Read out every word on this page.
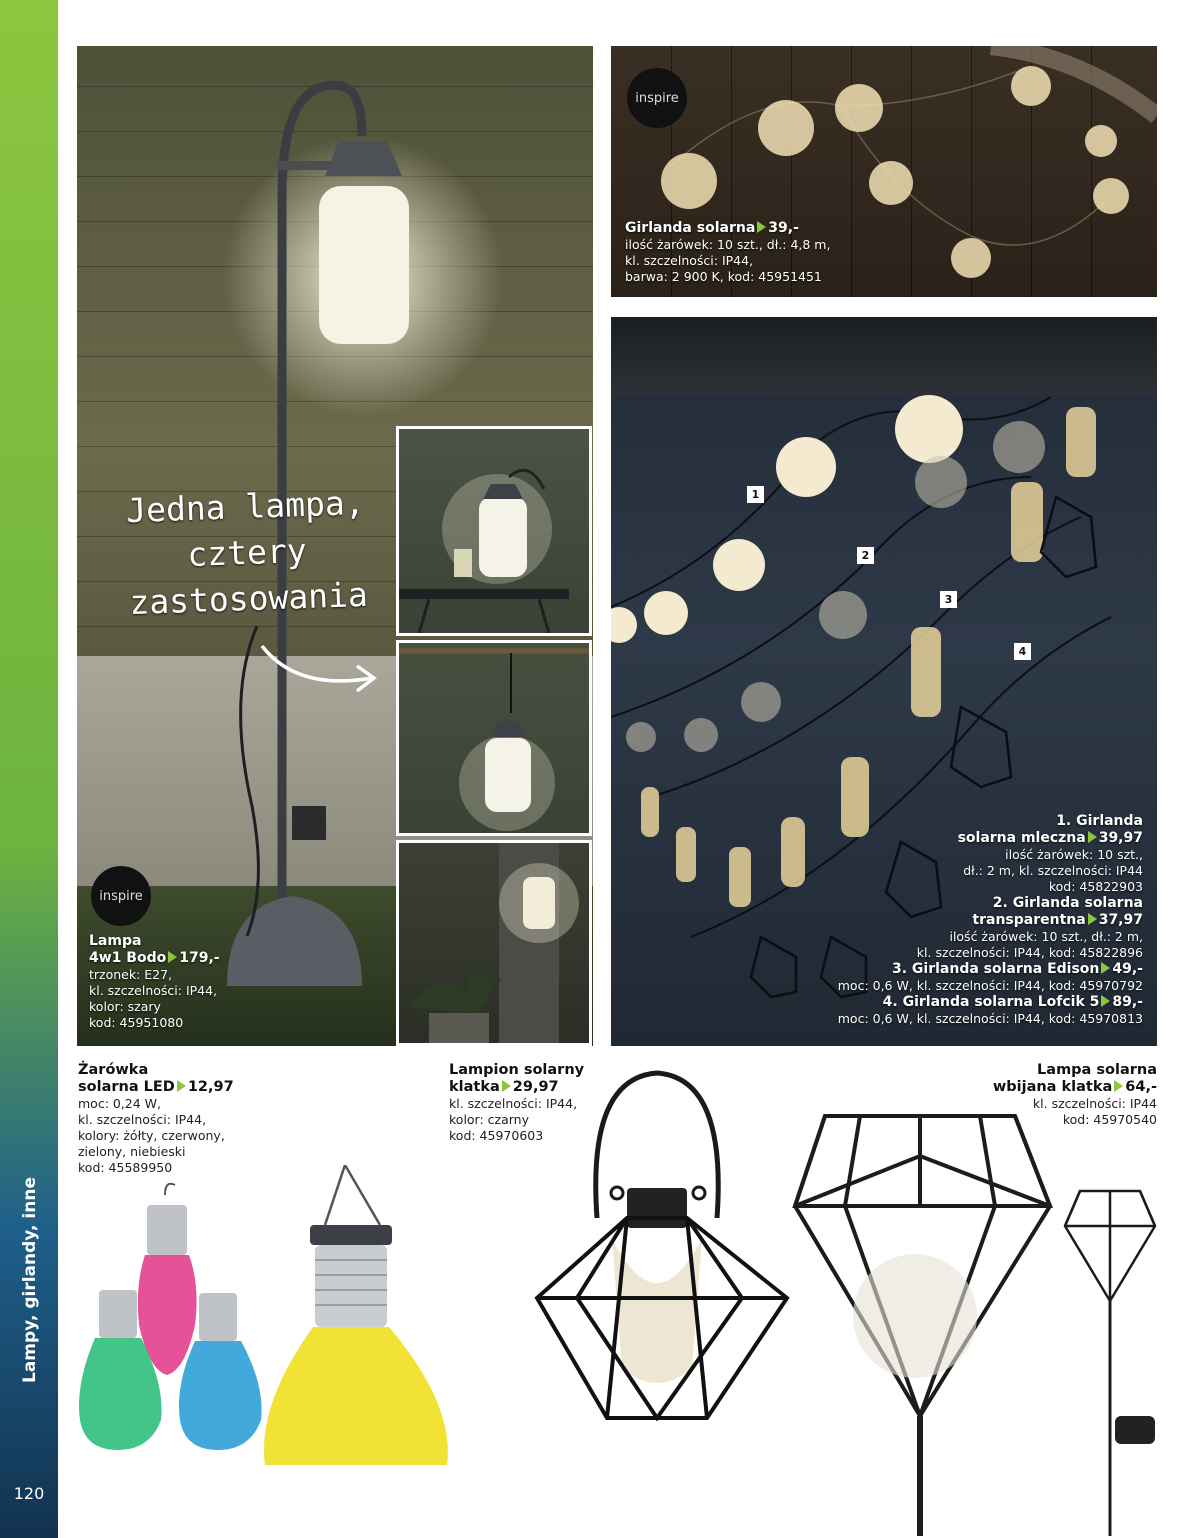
Lampy, girlandy, inne
120
Jedna lampa,
cztery
zastosowania
inspire
Lampa
4w1 Bodo 179,-
trzonek: E27,
kl. szczelności: IP44,
kolor: szary
kod: 45951080
inspire
Girlanda solarna 39,-
ilość żarówek: 10 szt., dł.: 4,8 m,
kl. szczelności: IP44,
barwa: 2 900 K, kod: 45951451
1
2
3
4
1. Girlanda
solarna mleczna 39,97
ilość żarówek: 10 szt.,
dł.: 2 m, kl. szczelności: IP44
kod: 45822903
2. Girlanda solarna
transparentna 37,97
ilość żarówek: 10 szt., dł.: 2 m,
kl. szczelności: IP44, kod: 45822896
3. Girlanda solarna Edison 49,-
moc: 0,6 W, kl. szczelności: IP44, kod: 45970792
4. Girlanda solarna Lofcik 5 89,-
moc: 0,6 W, kl. szczelności: IP44, kod: 45970813
Żarówka
solarna LED 12,97
moc: 0,24 W,
kl. szczelności: IP44,
kolory: żółty, czerwony,
zielony, niebieski
kod: 45589950
Lampion solarny
klatka 29,97
kl. szczelności: IP44,
kolor: czarny
kod: 45970603
Lampa solarna
wbijana klatka 64,-
kl. szczelności: IP44
kod: 45970540
